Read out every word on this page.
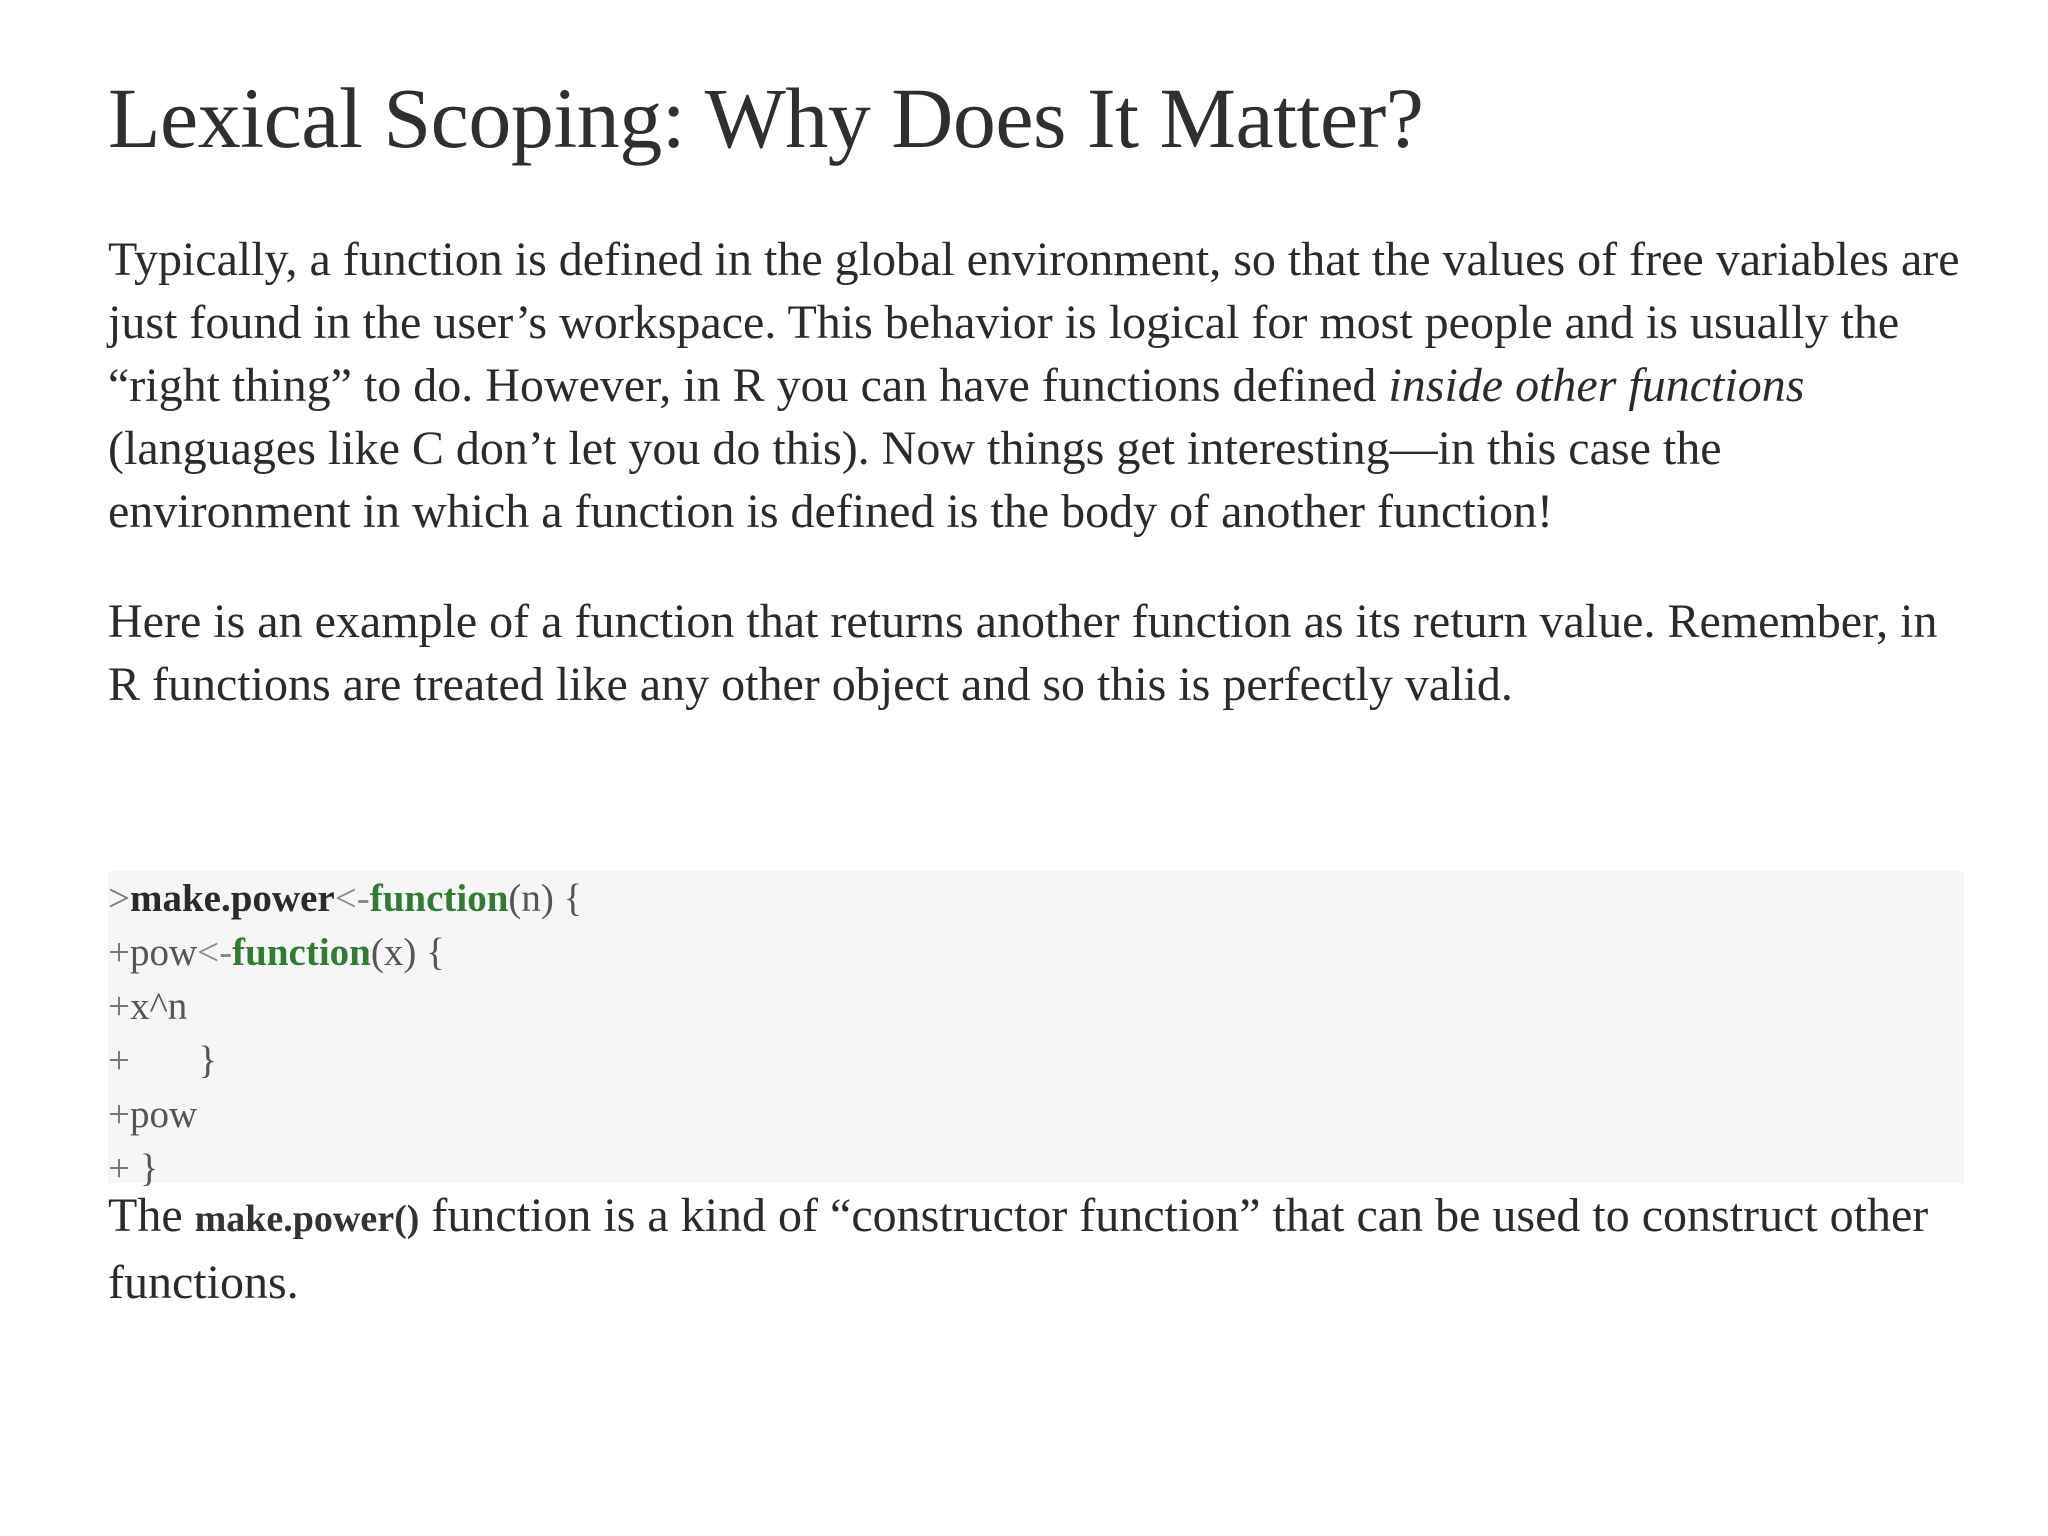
Lexical Scoping: Why Does It Matter?

Typically, a function is defined in the global environment, so that the values of free variables are just found in the user’s workspace. This behavior is logical for most people and is usually the “right thing” to do. However, in R you can have functions defined inside other functions (languages like C don’t let you do this). Now things get interesting—in this case the environment in which a function is defined is the body of another function!

Here is an example of a function that returns another function as its return value. Remember, in R functions are treated like any other object and so this is perfectly valid.

>make.power<-function(n) {
+pow<-function(x) {
+x^n
+       }
+pow
+ }

The make.power() function is a kind of “constructor function” that can be used to construct other functions.
